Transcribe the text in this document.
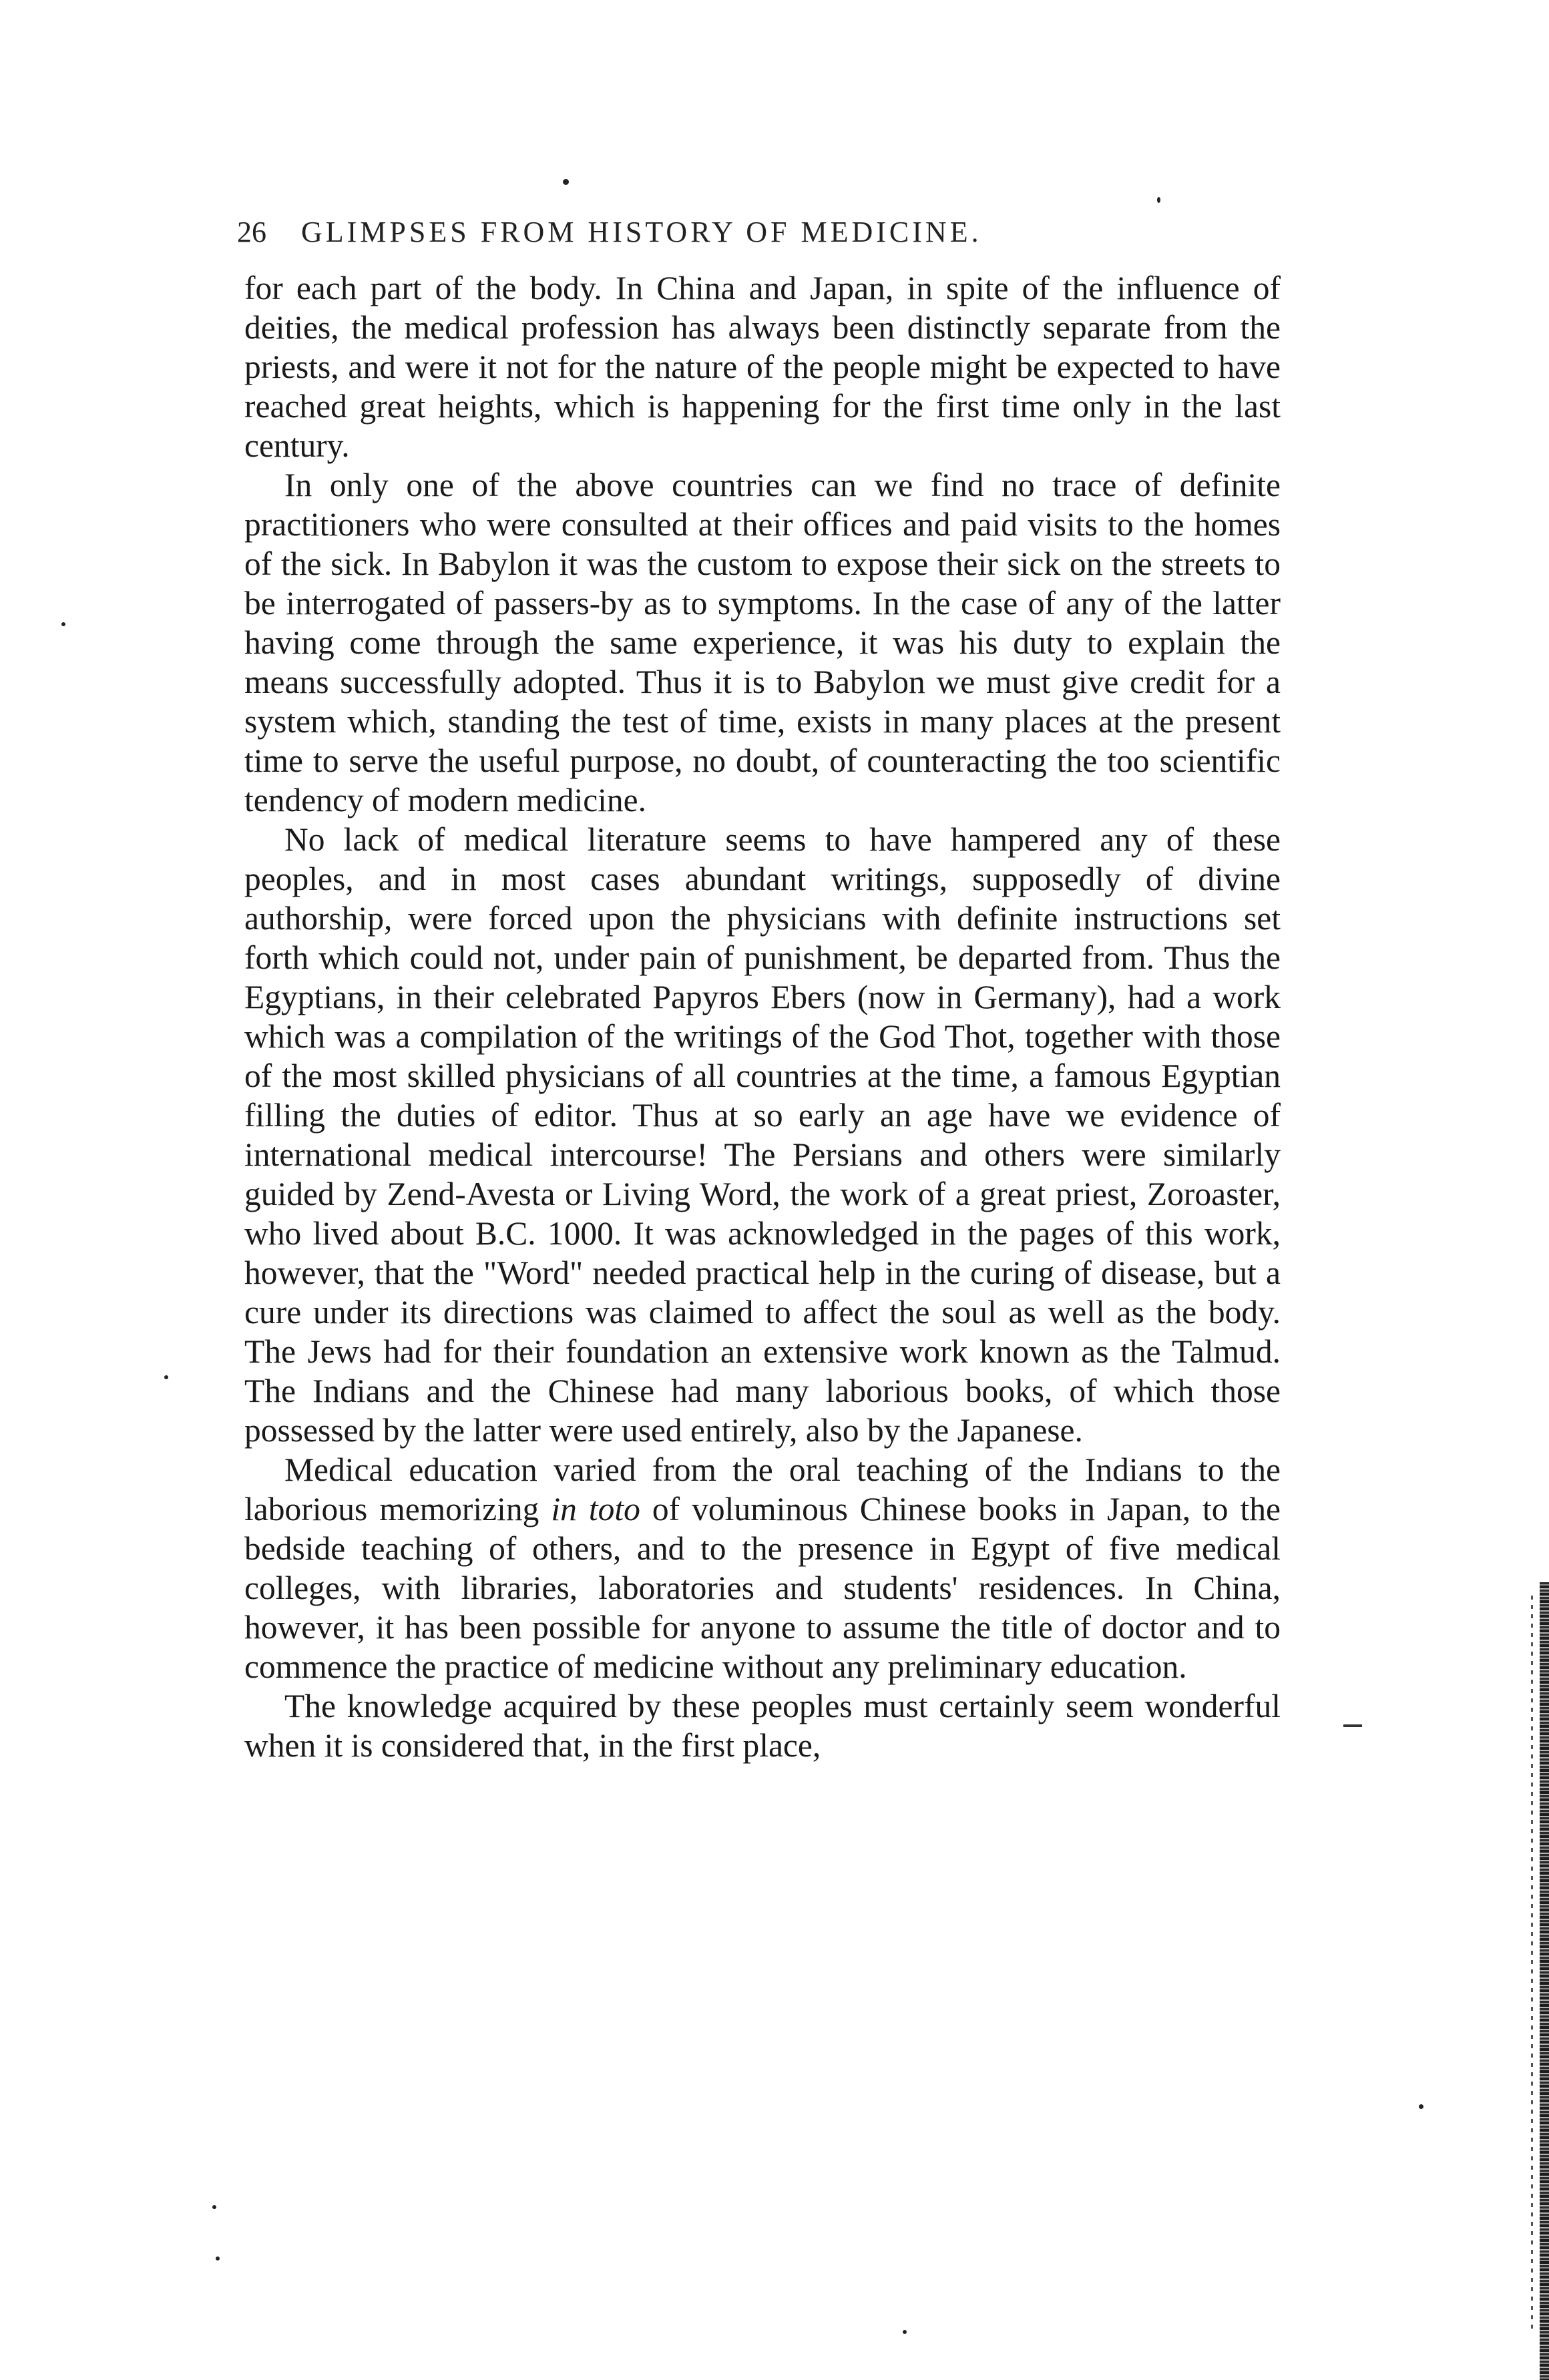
26 GLIMPSES FROM HISTORY OF MEDICINE.

for each part of the body. In China and Japan, in spite of the influence of deities, the medical profession has always been distinctly separate from the priests, and were it not for the nature of the people might be expected to have reached great heights, which is happening for the first time only in the last century.

In only one of the above countries can we find no trace of definite practitioners who were consulted at their offices and paid visits to the homes of the sick. In Babylon it was the custom to expose their sick on the streets to be interrogated of passers-by as to symptoms. In the case of any of the latter having come through the same experience, it was his duty to explain the means successfully adopted. Thus it is to Babylon we must give credit for a system which, standing the test of time, exists in many places at the present time to serve the useful purpose, no doubt, of counteracting the too scientific tendency of modern medicine.

No lack of medical literature seems to have hampered any of these peoples, and in most cases abundant writings, supposedly of divine authorship, were forced upon the physicians with definite instructions set forth which could not, under pain of punishment, be departed from. Thus the Egyptians, in their celebrated Papyros Ebers (now in Germany), had a work which was a compilation of the writings of the God Thot, together with those of the most skilled physicians of all countries at the time, a famous Egyptian filling the duties of editor. Thus at so early an age have we evidence of international medical intercourse! The Persians and others were similarly guided by Zend-Avesta or Living Word, the work of a great priest, Zoroaster, who lived about B.C. 1000. It was acknowledged in the pages of this work, however, that the "Word" needed practical help in the curing of disease, but a cure under its directions was claimed to affect the soul as well as the body. The Jews had for their foundation an extensive work known as the Talmud. The Indians and the Chinese had many laborious books, of which those possessed by the latter were used entirely, also by the Japanese.

Medical education varied from the oral teaching of the Indians to the laborious memorizing in toto of voluminous Chinese books in Japan, to the bedside teaching of others, and to the presence in Egypt of five medical colleges, with libraries, laboratories and students' residences. In China, however, it has been possible for anyone to assume the title of doctor and to commence the practice of medicine without any preliminary education.

The knowledge acquired by these peoples must certainly seem wonderful when it is considered that, in the first place,
